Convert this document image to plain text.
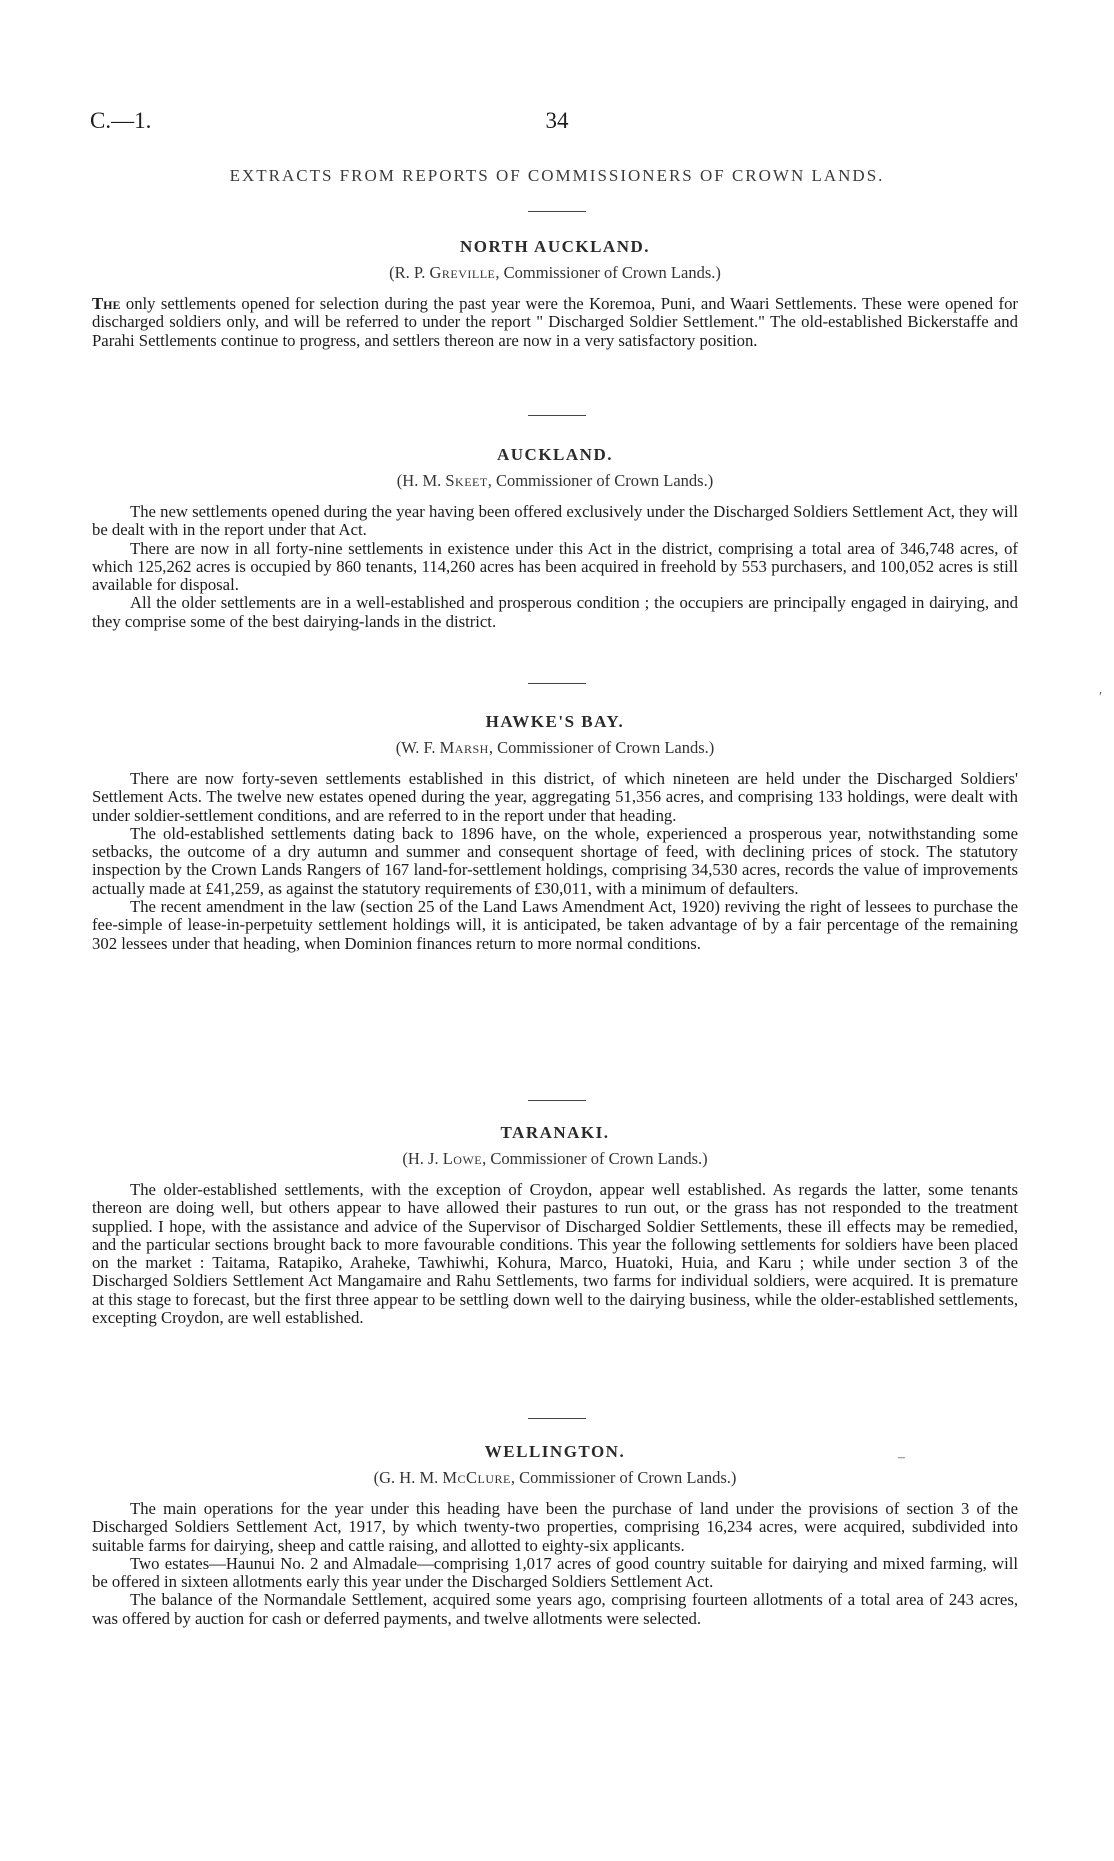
C.—1.	34
EXTRACTS FROM REPORTS OF COMMISSIONERS OF CROWN LANDS.
NORTH AUCKLAND.
(R. P. Greville, Commissioner of Crown Lands.)

The only settlements opened for selection during the past year were the Koremoa, Puni, and Waari Settlements. These were opened for discharged soldiers only, and will be referred to under the report " Discharged Soldier Settlement." The old-established Bickerstaffe and Parahi Settlements continue to progress, and settlers thereon are now in a very satisfactory position.

AUCKLAND.
(H. M. Skeet, Commissioner of Crown Lands.)

The new settlements opened during the year having been offered exclusively under the Discharged Soldiers Settlement Act, they will be dealt with in the report under that Act.

There are now in all forty-nine settlements in existence under this Act in the district, comprising a total area of 346,748 acres, of which 125,262 acres is occupied by 860 tenants, 114,260 acres has been acquired in freehold by 553 purchasers, and 100,052 acres is still available for disposal.

All the older settlements are in a well-established and prosperous condition ; the occupiers are principally engaged in dairying, and they comprise some of the best dairying-lands in the district.

HAWKE'S BAY.
(W. F. Marsh, Commissioner of Crown Lands.)

There are now forty-seven settlements established in this district, of which nineteen are held under the Discharged Soldiers' Settlement Acts. The twelve new estates opened during the year, aggregating 51,356 acres, and comprising 133 holdings, were dealt with under soldier-settlement conditions, and are referred to in the report under that heading.

The old-established settlements dating back to 1896 have, on the whole, experienced a prosperous year, notwithstanding some setbacks, the outcome of a dry autumn and summer and consequent shortage of feed, with declining prices of stock. The statutory inspection by the Crown Lands Rangers of 167 land-for-settlement holdings, comprising 34,530 acres, records the value of improvements actually made at £41,259, as against the statutory requirements of £30,011, with a minimum of defaulters.

The recent amendment in the law (section 25 of the Land Laws Amendment Act, 1920) reviving the right of lessees to purchase the fee-simple of lease-in-perpetuity settlement holdings will, it is anticipated, be taken advantage of by a fair percentage of the remaining 302 lessees under that heading, when Dominion finances return to more normal conditions.

TARANAKI.
(H. J. Lowe, Commissioner of Crown Lands.)

The older-established settlements, with the exception of Croydon, appear well established. As regards the latter, some tenants thereon are doing well, but others appear to have allowed their pastures to run out, or the grass has not responded to the treatment supplied. I hope, with the assistance and advice of the Supervisor of Discharged Soldier Settlements, these ill effects may be remedied, and the particular sections brought back to more favourable conditions. This year the following settlements for soldiers have been placed on the market : Taitama, Ratapiko, Araheke, Tawhiwhi, Kohura, Marco, Huatoki, Huia, and Karu ; while under section 3 of the Discharged Soldiers Settlement Act Mangamaire and Rahu Settlements, two farms for individual soldiers, were acquired. It is premature at this stage to forecast, but the first three appear to be settling down well to the dairying business, while the older-established settlements, excepting Croydon, are well established.

WELLINGTON.
(G. H. M. McClure, Commissioner of Crown Lands.)

The main operations for the year under this heading have been the purchase of land under the provisions of section 3 of the Discharged Soldiers Settlement Act, 1917, by which twenty-two properties, comprising 16,234 acres, were acquired, subdivided into suitable farms for dairying, sheep and cattle raising, and allotted to eighty-six applicants.

Two estates—Haunui No. 2 and Almadale—comprising 1,017 acres of good country suitable for dairying and mixed farming, will be offered in sixteen allotments early this year under the Discharged Soldiers Settlement Act.

The balance of the Normandale Settlement, acquired some years ago, comprising fourteen allotments of a total area of 243 acres, was offered by auction for cash or deferred payments, and twelve allotments were selected.

′
–
